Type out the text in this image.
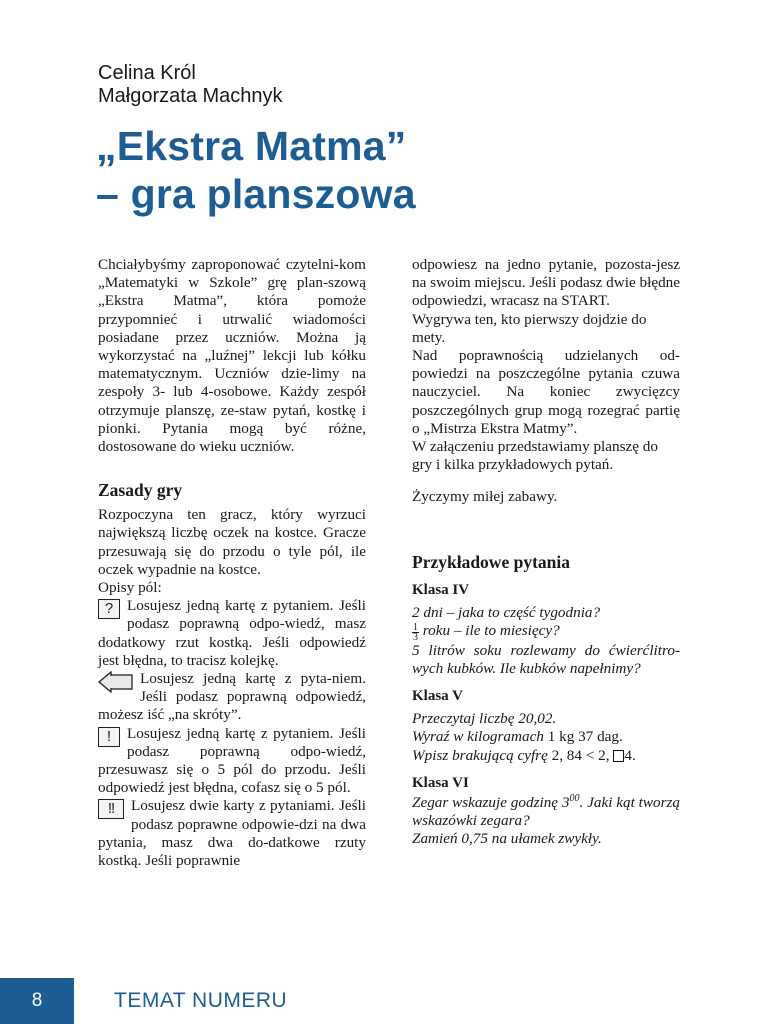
Celina Król
Małgorzata Machnyk
„Ekstra Matma”
– gra planszowa

Chciałybyśmy zaproponować czytelni-kom „Matematyki w Szkole” grę plan-szową „Ekstra Matma”, która pomoże przypomnieć i utrwalić wiadomości posiadane przez uczniów. Można ją wykorzystać na „luźnej” lekcji lub kółku matematycznym. Uczniów dzie-limy na zespoły 3- lub 4-osobowe. Każdy zespół otrzymuje planszę, ze-staw pytań, kostkę i pionki. Pytania mogą być różne, dostosowane do wieku uczniów.

Zasady gry

Rozpoczyna ten gracz, który wyrzuci największą liczbę oczek na kostce. Gracze przesuwają się do przodu o tyle pól, ile oczek wypadnie na kostce.

Opisy pól:

? Losujesz jedną kartę z pytaniem. Jeśli podasz poprawną odpo-wiedź, masz dodatkowy rzut kostką. Jeśli odpowiedź jest błędna, to tracisz kolejkę.

Losujesz jedną kartę z pyta-niem. Jeśli podasz poprawną odpowiedź, możesz iść „na skróty”.

!	Losujesz jedną kartę z pytaniem. Jeśli podasz poprawną odpo-wiedź, przesuwasz się o 5 pól do przodu. Jeśli odpowiedź jest błędna, cofasz się o 5 pól.

!!	Losujesz dwie karty z pytaniami. Jeśli podasz poprawne odpowie-dzi na dwa pytania, masz dwa do-datkowe rzuty kostką. Jeśli poprawnie

odpowiesz na jedno pytanie, pozosta-jesz na swoim miejscu. Jeśli podasz dwie błędne odpowiedzi, wracasz na START.

Wygrywa ten, kto pierwszy dojdzie do mety.

Nad poprawnością udzielanych od-powiedzi na poszczególne pytania czuwa nauczyciel. Na koniec zwycięzcy poszczególnych grup mogą rozegrać partię o „Mistrza Ekstra Matmy”.

W załączeniu przedstawiamy planszę do gry i kilka przykładowych pytań.

Życzymy miłej zabawy.

Przykładowe pytania
Klasa IV

2 dni – jaka to część tygodnia?

$\frac{1}{3}$ roku – ile to miesięcy?

5 litrów soku rozlewamy do ćwierćlitro-wych kubków. Ile kubków napełnimy?

Klasa V

Przeczytaj liczbę 20,02.

Wyraź w kilogramach 1 kg 37 dag.

Wpisz brakującą cyfrę 2, 84 < 2, 4.

Klasa VI

Zegar wskazuje godzinę $3^{00}$. Jaki kąt tworzą wskazówki zegara?

Zamień 0,75 na ułamek zwykły.

8	TEMAT NUMERU
